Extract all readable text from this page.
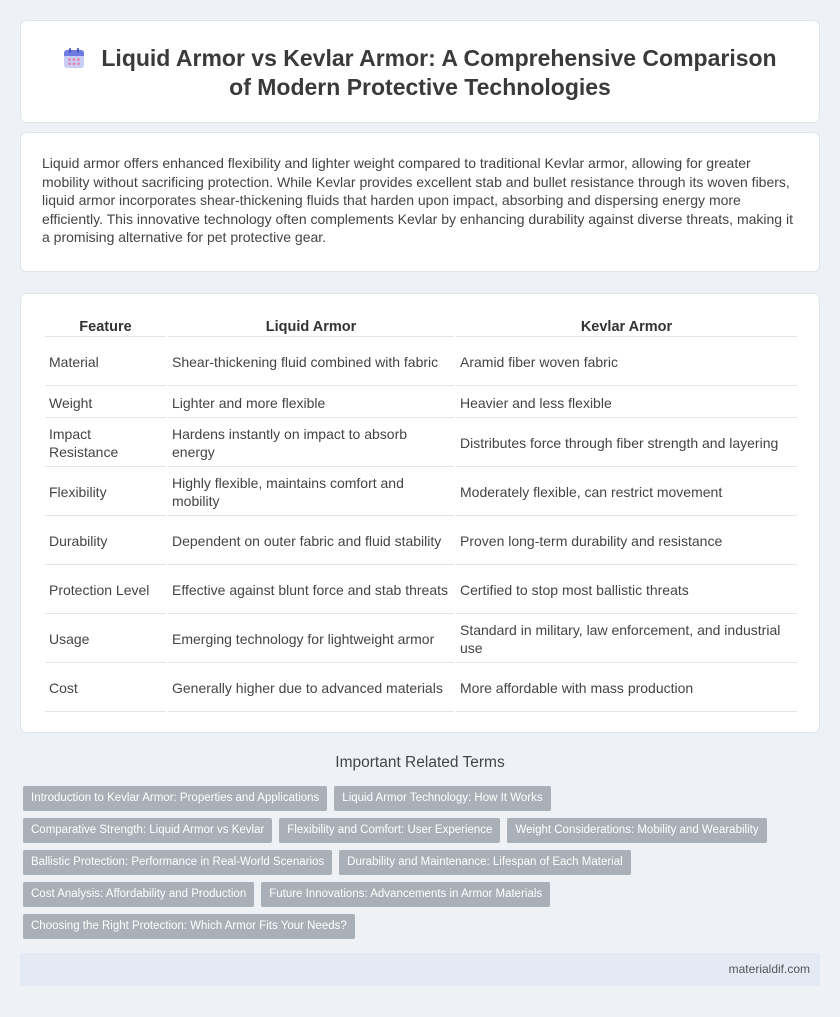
Liquid Armor vs Kevlar Armor: A Comprehensive Comparison of Modern Protective Technologies

Liquid armor offers enhanced flexibility and lighter weight compared to traditional Kevlar armor, allowing for greater mobility without sacrificing protection. While Kevlar provides excellent stab and bullet resistance through its woven fibers, liquid armor incorporates shear-thickening fluids that harden upon impact, absorbing and dispersing energy more efficiently. This innovative technology often complements Kevlar by enhancing durability against diverse threats, making it a promising alternative for pet protective gear.

Feature	Liquid Armor	Kevlar Armor
Material	Shear-thickening fluid combined with fabric	Aramid fiber woven fabric
Weight	Lighter and more flexible	Heavier and less flexible
Impact Resistance	Hardens instantly on impact to absorb energy	Distributes force through fiber strength and layering
Flexibility	Highly flexible, maintains comfort and mobility	Moderately flexible, can restrict movement
Durability	Dependent on outer fabric and fluid stability	Proven long-term durability and resistance
Protection Level	Effective against blunt force and stab threats	Certified to stop most ballistic threats
Usage	Emerging technology for lightweight armor	Standard in military, law enforcement, and industrial use
Cost	Generally higher due to advanced materials	More affordable with mass production
Important Related Terms
Introduction to Kevlar Armor: Properties and Applications	Liquid Armor Technology: How It Works
Comparative Strength: Liquid Armor vs Kevlar	Flexibility and Comfort: User Experience	Weight Considerations: Mobility and Wearability
Ballistic Protection: Performance in Real-World Scenarios	Durability and Maintenance: Lifespan of Each Material
Cost Analysis: Affordability and Production	Future Innovations: Advancements in Armor Materials
Choosing the Right Protection: Which Armor Fits Your Needs?
materialdif.com
